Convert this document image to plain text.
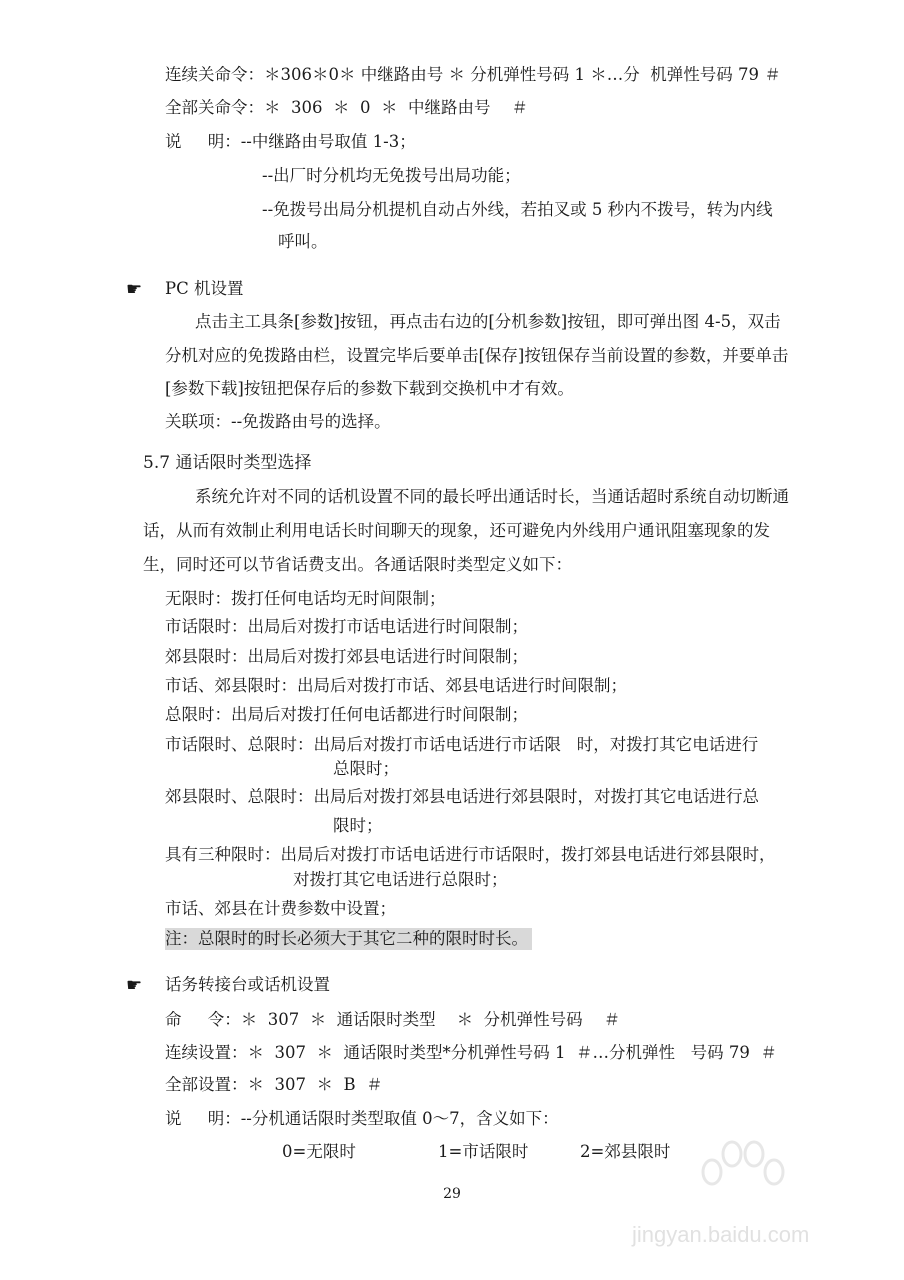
连续关命令：＊306＊0＊ 中继路由号 ＊ 分机弹性号码 1 ＊…分  机弹性号码 79 ＃
全部关命令：＊  306  ＊  0  ＊  中继路由号    ＃
说     明：--中继路由号取值 1-3；
--出厂时分机均无免拨号出局功能；
--免拨号出局分机提机自动占外线，若拍叉或 5 秒内不拨号，转为内线
呼叫。
☛ PC 机设置
点击主工具条[参数]按钮，再点击右边的[分机参数]按钮，即可弹出图 4-5，双击
分机对应的免拨路由栏，设置完毕后要单击[保存]按钮保存当前设置的参数，并要单击
[参数下载]按钮把保存后的参数下载到交换机中才有效。
关联项：--免拨路由号的选择。
5.7 通话限时类型选择
系统允许对不同的话机设置不同的最长呼出通话时长，当通话超时系统自动切断通
话，从而有效制止利用电话长时间聊天的现象，还可避免内外线用户通讯阻塞现象的发
生，同时还可以节省话费支出。各通话限时类型定义如下：
无限时：拨打任何电话均无时间限制；
市话限时：出局后对拨打市话电话进行时间限制；
郊县限时：出局后对拨打郊县电话进行时间限制；
市话、郊县限时：出局后对拨打市话、郊县电话进行时间限制；
总限时：出局后对拨打任何电话都进行时间限制；
市话限时、总限时：出局后对拨打市话电话进行市话限   时，对拨打其它电话进行
总限时；
郊县限时、总限时：出局后对拨打郊县电话进行郊县限时，对拨打其它电话进行总
限时；
具有三种限时：出局后对拨打市话电话进行市话限时，拨打郊县电话进行郊县限时，
对拨打其它电话进行总限时；
市话、郊县在计费参数中设置；
注：总限时的时长必须大于其它二种的限时时长。
☛ 话务转接台或话机设置
命     令：＊  307  ＊  通话限时类型    ＊  分机弹性号码    ＃
连续设置：＊  307  ＊  通话限时类型*分机弹性号码 1  ＃…分机弹性   号码 79  ＃
全部设置：＊  307  ＊  B  ＃
说     明：--分机通话限时类型取值 0～7，含义如下：
0=无限时	1=市话限时	2=郊县限时
29
jingyan.baidu.com
